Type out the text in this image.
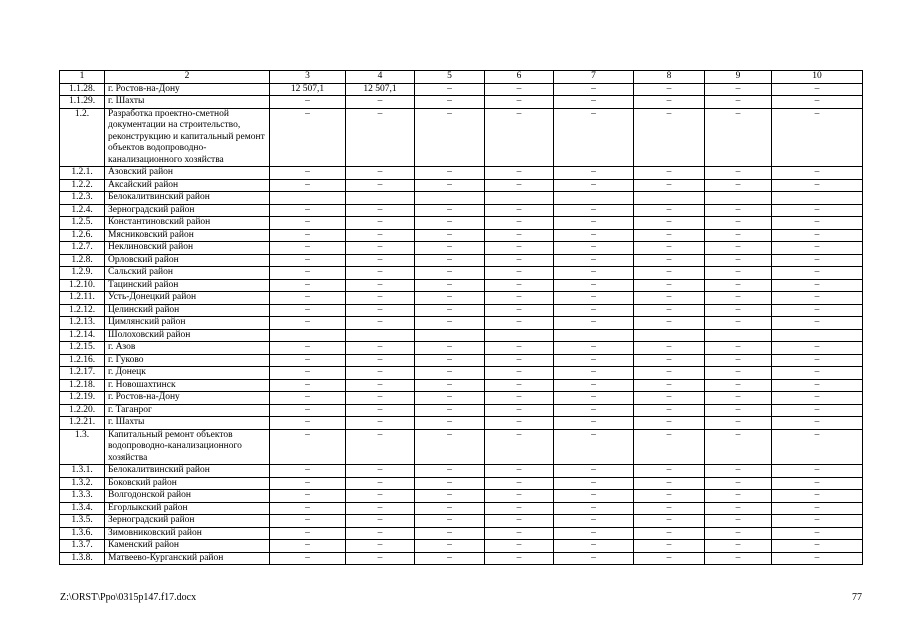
1	2	3	4	5	6	7	8	9	10
1.1.28.	г. Ростов-на-Дону	12 507,1	12 507,1	–	–	–	–	–	–
1.1.29.	г. Шахты	–	–	–	–	–	–	–	–
1.2.	Разработка проектно-сметной документации на строительство, реконструкцию и капитальный ремонт объектов водопроводно-канализационного хозяйства	–	–	–	–	–	–	–	–
1.2.1.	Азовский район	–	–	–	–	–	–	–	–
1.2.2.	Аксайский район	–	–	–	–	–	–	–	–
1.2.3.	Белокалитвинский район								
1.2.4.	Зерноградский район	–	–	–	–	–	–	–	–
1.2.5.	Константиновский район	–	–	–	–	–	–	–	–
1.2.6.	Мясниковский район	–	–	–	–	–	–	–	–
1.2.7.	Неклиновский район	–	–	–	–	–	–	–	–
1.2.8.	Орловский район	–	–	–	–	–	–	–	–
1.2.9.	Сальский район	–	–	–	–	–	–	–	–
1.2.10.	Тацинский район	–	–	–	–	–	–	–	–
1.2.11.	Усть-Донецкий район	–	–	–	–	–	–	–	–
1.2.12.	Целинский район	–	–	–	–	–	–	–	–
1.2.13.	Цимлянский район	–	–	–	–	–	–	–	–
1.2.14.	Шолоховский район								
1.2.15.	г. Азов	–	–	–	–	–	–	–	–
1.2.16.	г. Гуково	–	–	–	–	–	–	–	–
1.2.17.	г. Донецк	–	–	–	–	–	–	–	–
1.2.18.	г. Новошахтинск	–	–	–	–	–	–	–	–
1.2.19.	г. Ростов-на-Дону	–	–	–	–	–	–	–	–
1.2.20.	г. Таганрог	–	–	–	–	–	–	–	–
1.2.21.	г. Шахты	–	–	–	–	–	–	–	–
1.3.	Капитальный ремонт объектов водопроводно-канализационного хозяйства	–	–	–	–	–	–	–	–
1.3.1.	Белокалитвинский район	–	–	–	–	–	–	–	–
1.3.2.	Боковский район	–	–	–	–	–	–	–	–
1.3.3.	Волгодонской район	–	–	–	–	–	–	–	–
1.3.4.	Егорлыкский район	–	–	–	–	–	–	–	–
1.3.5.	Зерноградский район	–	–	–	–	–	–	–	–
1.3.6.	Зимовниковский район	–	–	–	–	–	–	–	–
1.3.7.	Каменский район	–	–	–	–	–	–	–	–
1.3.8.	Матвеево-Курганский район	–	–	–	–	–	–	–	–
Z:\ORST\Ppo\0315p147.f17.docx	77
